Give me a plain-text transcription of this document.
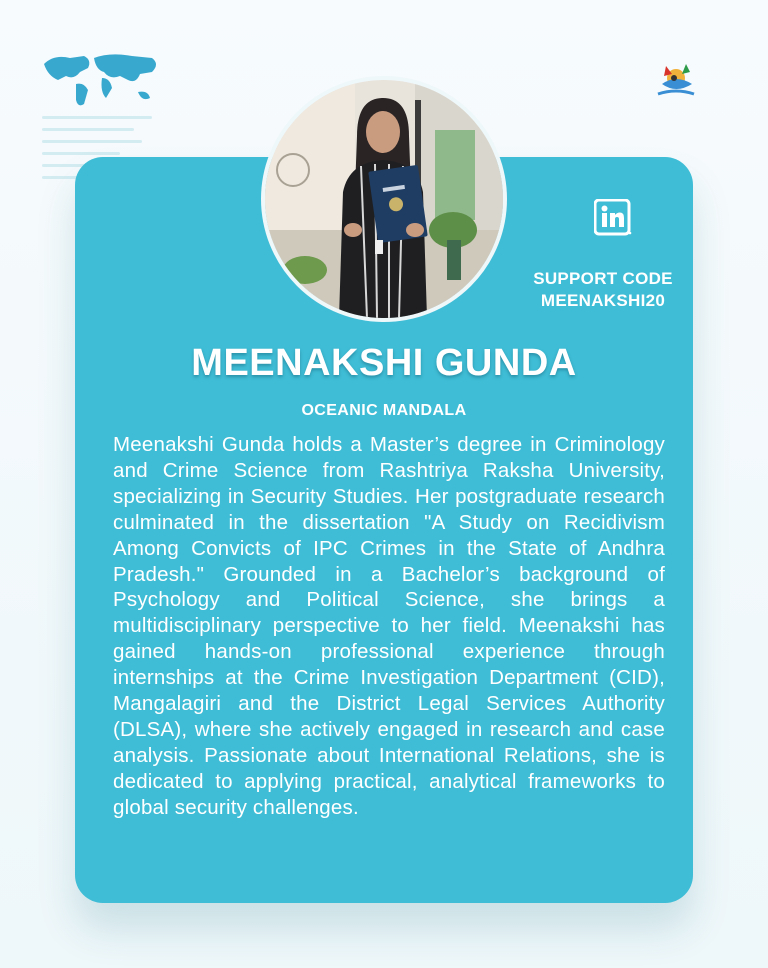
SUPPORT CODE
MEENAKSHI20
MEENAKSHI GUNDA
OCEANIC MANDALA
Meenakshi Gunda holds a Master’s degree in Criminology and Crime Science from Rashtriya Raksha University, specializing in Security Studies. Her postgraduate research culminated in the dissertation "A Study on Recidivism Among Convicts of IPC Crimes in the State of Andhra Pradesh." Grounded in a Bachelor’s background of Psychology and Political Science, she brings a multidisciplinary perspective to her field. Meenakshi has gained hands-on professional experience through internships at the Crime Investigation Department (CID), Mangalagiri and the District Legal Services Authority (DLSA), where she actively engaged in research and case analysis. Passionate about International Relations, she is dedicated to applying practical, analytical frameworks to global security challenges.
